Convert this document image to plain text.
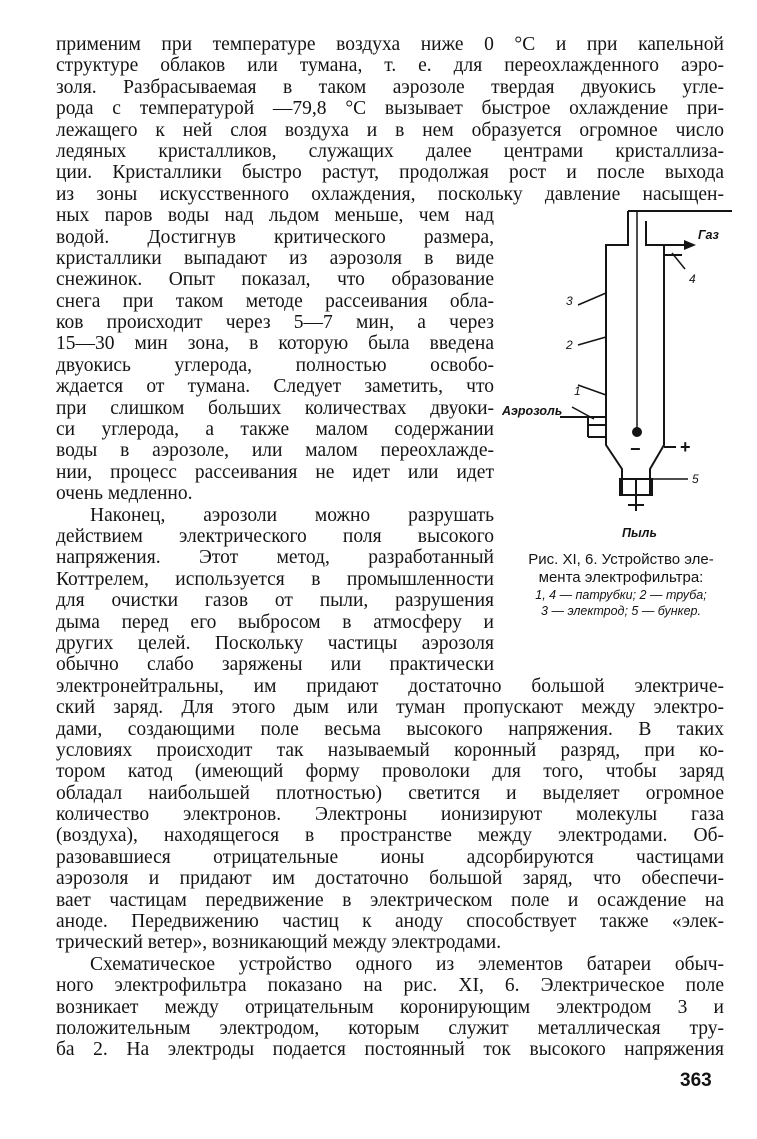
применим при температуре воздуха ниже 0 °C и при капельной
структуре облаков или тумана, т. е. для переохлажденного аэро-
золя. Разбрасываемая в таком аэрозоле твердая двуокись угле-
рода с температурой —79,8 °C вызывает быстрое охлаждение при-
лежащего к ней слоя воздуха и в нем образуется огромное число
ледяных кристалликов, служащих далее центрами кристаллиза-
ции. Кристаллики быстро растут, продолжая рост и после выхода
из зоны искусственного охлаждения, поскольку давление насыщен-
ных паров воды над льдом меньше, чем над
водой. Достигнув критического размера,
кристаллики выпадают из аэрозоля в виде
снежинок. Опыт показал, что образование
снега при таком методе рассеивания обла-
ков происходит через 5—7 мин, а через
15—30 мин зона, в которую была введена
двуокись углерода, полностью освобо-
ждается от тумана. Следует заметить, что
при слишком больших количествах двуоки-
си углерода, а также малом содержании
воды в аэрозоле, или малом переохлажде-
нии, процесс рассеивания не идет или идет
очень медленно.
Наконец, аэрозоли можно разрушать
действием электрического поля высокого
напряжения. Этот метод, разработанный
Коттрелем, используется в промышленности
для очистки газов от пыли, разрушения
дыма перед его выбросом в атмосферу и
других целей. Поскольку частицы аэрозоля
обычно слабо заряжены или практически
Газ
4
3
2
1
Аэрозоль
− +
5
Пыль
Рис. XI, 6. Устройство эле-
мента электрофильтра:
1, 4 — патрубки; 2 — труба;
3 — электрод; 5 — бункер.
электронейтральны, им придают достаточно большой электриче-
ский заряд. Для этого дым или туман пропускают между электро-
дами, создающими поле весьма высокого напряжения. В таких
условиях происходит так называемый коронный разряд, при ко-
тором катод (имеющий форму проволоки для того, чтобы заряд
обладал наибольшей плотностью) светится и выделяет огромное
количество электронов. Электроны ионизируют молекулы газа
(воздуха), находящегося в пространстве между электродами. Об-
разовавшиеся отрицательные ионы адсорбируются частицами
аэрозоля и придают им достаточно большой заряд, что обеспечи-
вает частицам передвижение в электрическом поле и осаждение на
аноде. Передвижению частиц к аноду способствует также «элек-
трический ветер», возникающий между электродами.
Схематическое устройство одного из элементов батареи обыч-
ного электрофильтра показано на рис. XI, 6. Электрическое поле
возникает между отрицательным коронирующим электродом 3 и
положительным электродом, которым служит металлическая тру-
ба 2. На электроды подается постоянный ток высокого напряжения
363
